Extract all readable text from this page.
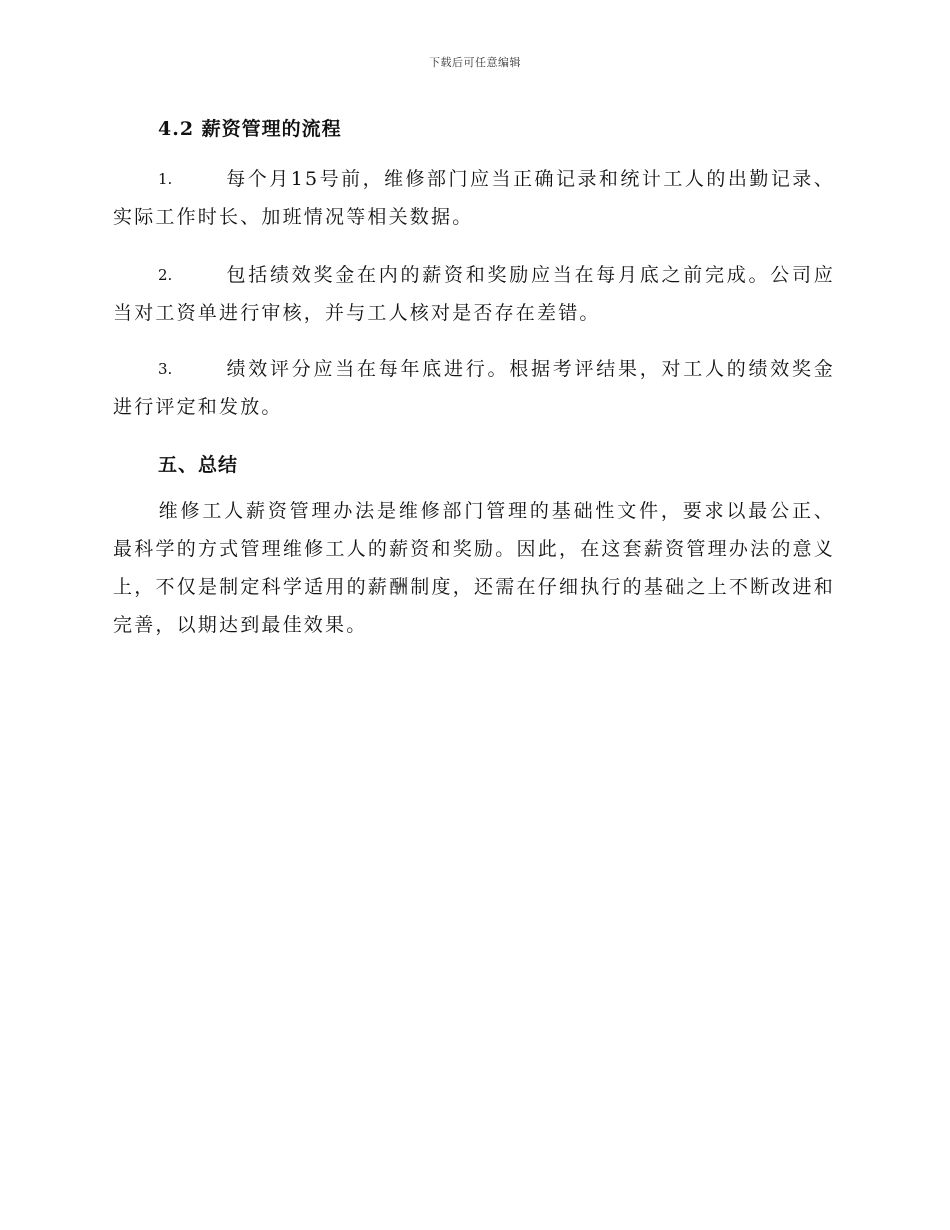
下载后可任意编辑
4.2 薪资管理的流程
1.	每个月15号前，维修部门应当正确记录和统计工人的出勤记录、实际工作时长、加班情况等相关数据。
2.	包括绩效奖金在内的薪资和奖励应当在每月底之前完成。公司应当对工资单进行审核，并与工人核对是否存在差错。
3.	绩效评分应当在每年底进行。根据考评结果，对工人的绩效奖金进行评定和发放。
五、总结
维修工人薪资管理办法是维修部门管理的基础性文件，要求以最公正、最科学的方式管理维修工人的薪资和奖励。因此，在这套薪资管理办法的意义上，不仅是制定科学适用的薪酬制度，还需在仔细执行的基础之上不断改进和完善，以期达到最佳效果。
